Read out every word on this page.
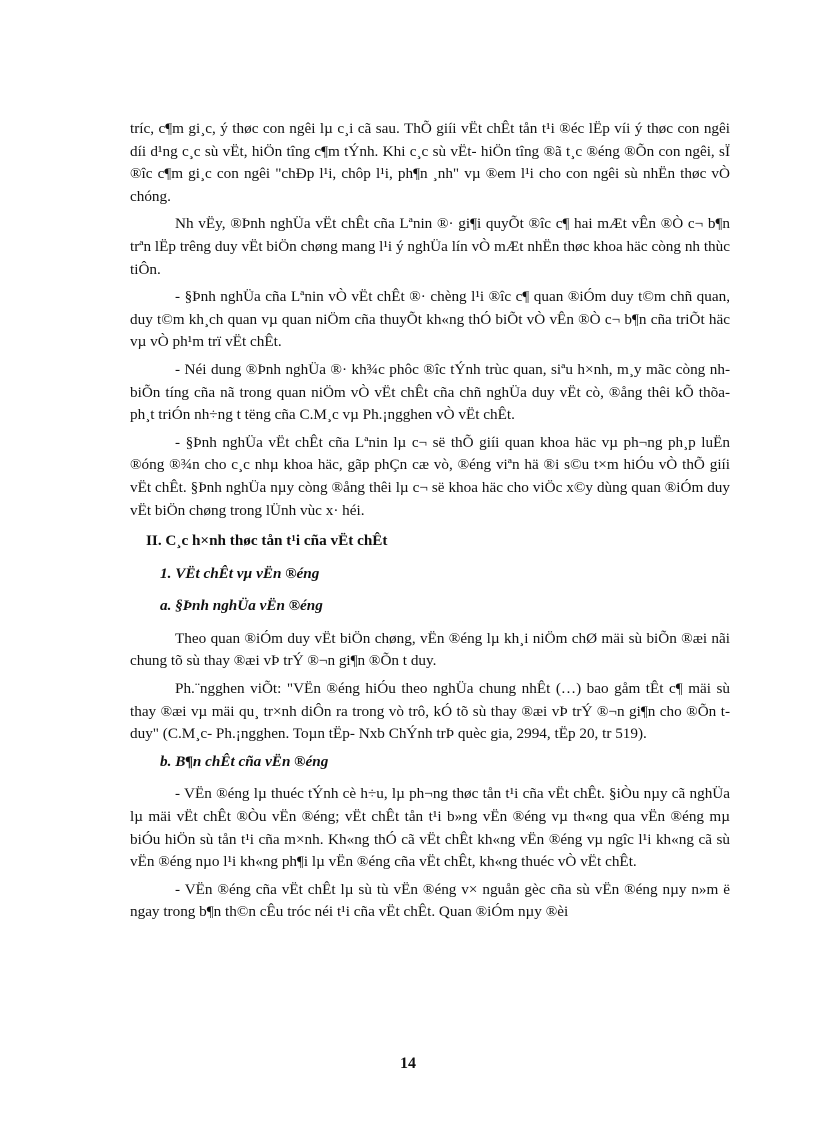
tríc, c¶m gi¸c, ý thøc con ngêi lµ c¸i cã sau. ThÕ giíi vËt chÊt tån t¹i ®éc lËp víi ý thøc con ngêi díi d¹ng c¸c sù vËt, hiÖn tîng c¶m tÝnh. Khi c¸c sù vËt- hiÖn tîng ®ã t¸c ®éng ®Õn con ngêi, sÏ ®îc c¶m gi¸c con ngêi "chÐp l¹i, chôp l¹i, ph¶n ¸nh" vµ ®em l¹i cho con ngêi sù nhËn thøc vÒ chóng.

Nh vËy, ®Þnh nghÜa vËt chÊt cña Lªnin ®· gi¶i quyÕt ®îc c¶ hai mÆt vÊn ®Ò c¬ b¶n trªn lËp trêng duy vËt biÖn chøng mang l¹i ý nghÜa lín vÒ mÆt nhËn thøc khoa häc còng nh thùc tiÔn.

- §Þnh nghÜa cña Lªnin vÒ vËt chÊt ®· chèng l¹i ®îc c¶ quan ®iÓm duy t©m chñ quan, duy t©m kh¸ch quan vµ quan niÖm cña thuyÕt kh«ng thÓ biÕt vÒ vÊn ®Ò c¬ b¶n cña triÕt häc vµ vÒ ph¹m trï vËt chÊt.

- Néi dung ®Þnh nghÜa ®· kh¾c phôc ®îc tÝnh trùc quan, siªu h×nh, m¸y mãc còng nh biÕn tíng cña nã trong quan niÖm vÒ vËt chÊt cña chñ nghÜa duy vËt cò, ®ång thêi kÕ thõa- ph¸t triÓn nh÷ng t tëng cña C.M¸c vµ Ph.¡ngghen vÒ vËt chÊt.

- §Þnh nghÜa vËt chÊt cña Lªnin lµ c¬ së thÕ giíi quan khoa häc vµ ph¬ng ph¸p luËn ®óng ®¾n cho c¸c nhµ khoa häc, gãp phÇn cæ vò, ®éng viªn hä ®i s©u t×m hiÓu vÒ thÕ giíi vËt chÊt. §Þnh nghÜa nµy còng ®ång thêi lµ c¬ së khoa häc cho viÖc x©y dùng quan ®iÓm duy vËt biÖn chøng trong lÜnh vùc x· héi.

II. C¸c h×nh thøc tån t¹i cña vËt chÊt

1. VËt chÊt vµ vËn ®éng

a. §Þnh nghÜa vËn ®éng

Theo quan ®iÓm duy vËt biÖn chøng, vËn ®éng lµ kh¸i niÖm chØ mäi sù biÕn ®æi nãi chung tõ sù thay ®æi vÞ trÝ ®¬n gi¶n ®Õn t duy.

Ph.¨ngghen viÕt: "VËn ®éng hiÓu theo nghÜa chung nhÊt (…) bao gåm tÊt c¶ mäi sù thay ®æi vµ mäi qu¸ tr×nh diÔn ra trong vò trô, kÓ tõ sù thay ®æi vÞ trÝ ®¬n gi¶n cho ®Õn t duy" (C.M¸c- Ph.¡ngghen. Toµn tËp- Nxb ChÝnh trÞ quèc gia, 2994, tËp 20, tr 519).

b. B¶n chÊt cña vËn ®éng

- VËn ®éng lµ thuéc tÝnh cè h÷u, lµ ph¬ng thøc tån t¹i cña vËt chÊt. §iÒu nµy cã nghÜa lµ mäi vËt chÊt ®Òu vËn ®éng; vËt chÊt tån t¹i b»ng vËn ®éng vµ th«ng qua vËn ®éng mµ biÓu hiÖn sù tån t¹i cña m×nh. Kh«ng thÓ cã vËt chÊt kh«ng vËn ®éng vµ ngîc l¹i kh«ng cã sù vËn ®éng nµo l¹i kh«ng ph¶i lµ vËn ®éng cña vËt chÊt, kh«ng thuéc vÒ vËt chÊt.

- VËn ®éng cña vËt chÊt lµ sù tù vËn ®éng v× nguån gèc cña sù vËn ®éng nµy n»m ë ngay trong b¶n th©n cÊu tróc néi t¹i cña vËt chÊt. Quan ®iÓm nµy ®èi

14
